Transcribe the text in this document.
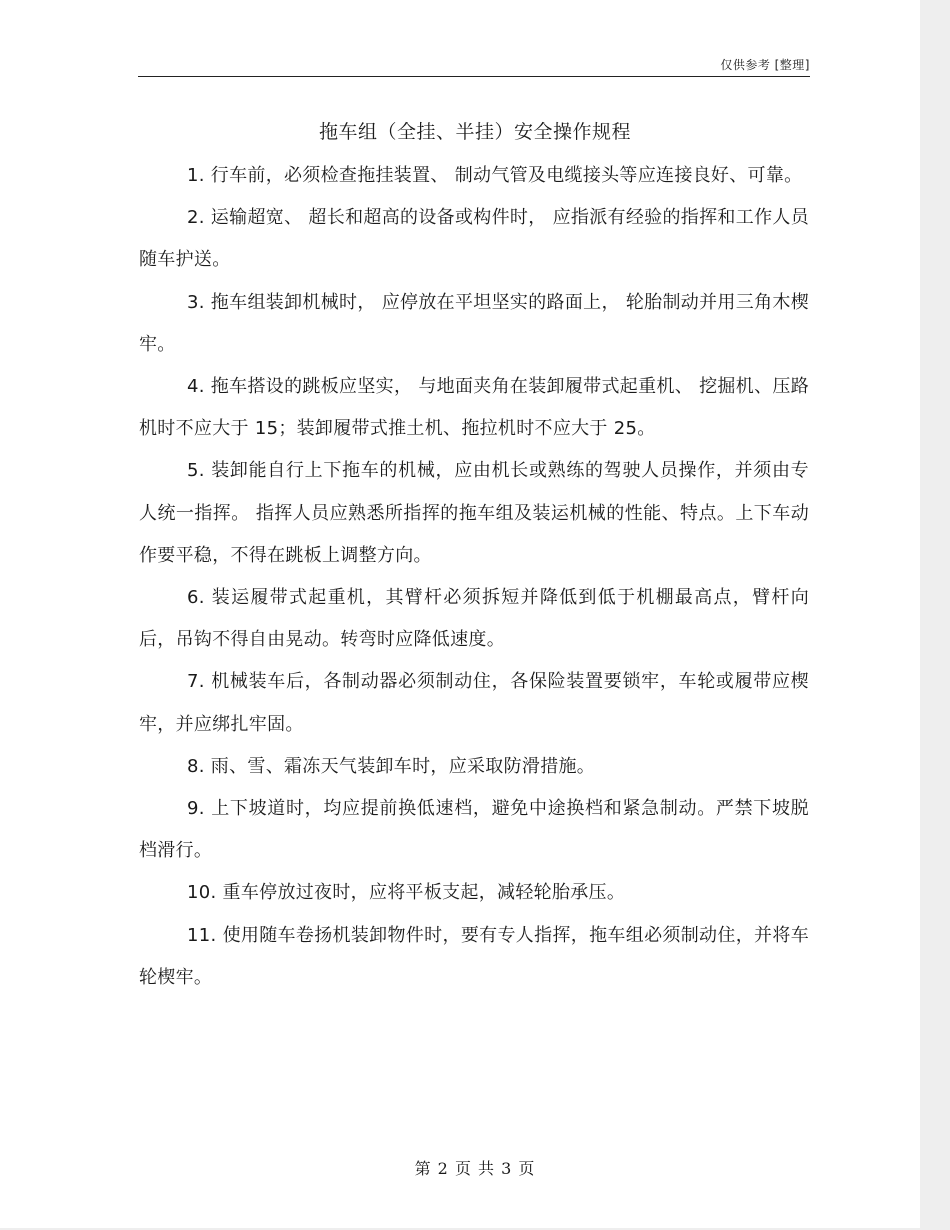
仅供参考 [整理]
拖车组（全挂、半挂）安全操作规程

1. 行车前，必须检查拖挂装置、 制动气管及电缆接头等应连接良好、可靠。

2. 运输超宽、 超长和超高的设备或构件时， 应指派有经验的指挥和工作人员随车护送。

3. 拖车组装卸机械时， 应停放在平坦坚实的路面上， 轮胎制动并用三角木楔牢。

4. 拖车搭设的跳板应坚实， 与地面夹角在装卸履带式起重机、 挖掘机、压路机时不应大于 15；装卸履带式推土机、拖拉机时不应大于 25。

5. 装卸能自行上下拖车的机械，应由机长或熟练的驾驶人员操作，并须由专人统一指挥。 指挥人员应熟悉所指挥的拖车组及装运机械的性能、特点。上下车动作要平稳，不得在跳板上调整方向。

6. 装运履带式起重机，其臂杆必须拆短并降低到低于机棚最高点，臂杆向后，吊钩不得自由晃动。转弯时应降低速度。

7. 机械装车后，各制动器必须制动住，各保险装置要锁牢，车轮或履带应楔牢，并应绑扎牢固。

8. 雨、雪、霜冻天气装卸车时，应采取防滑措施。

9. 上下坡道时，均应提前换低速档，避免中途换档和紧急制动。严禁下坡脱档滑行。

10. 重车停放过夜时，应将平板支起，减轻轮胎承压。

11. 使用随车卷扬机装卸物件时，要有专人指挥，拖车组必须制动住，并将车轮楔牢。

第 2 页 共 3 页
